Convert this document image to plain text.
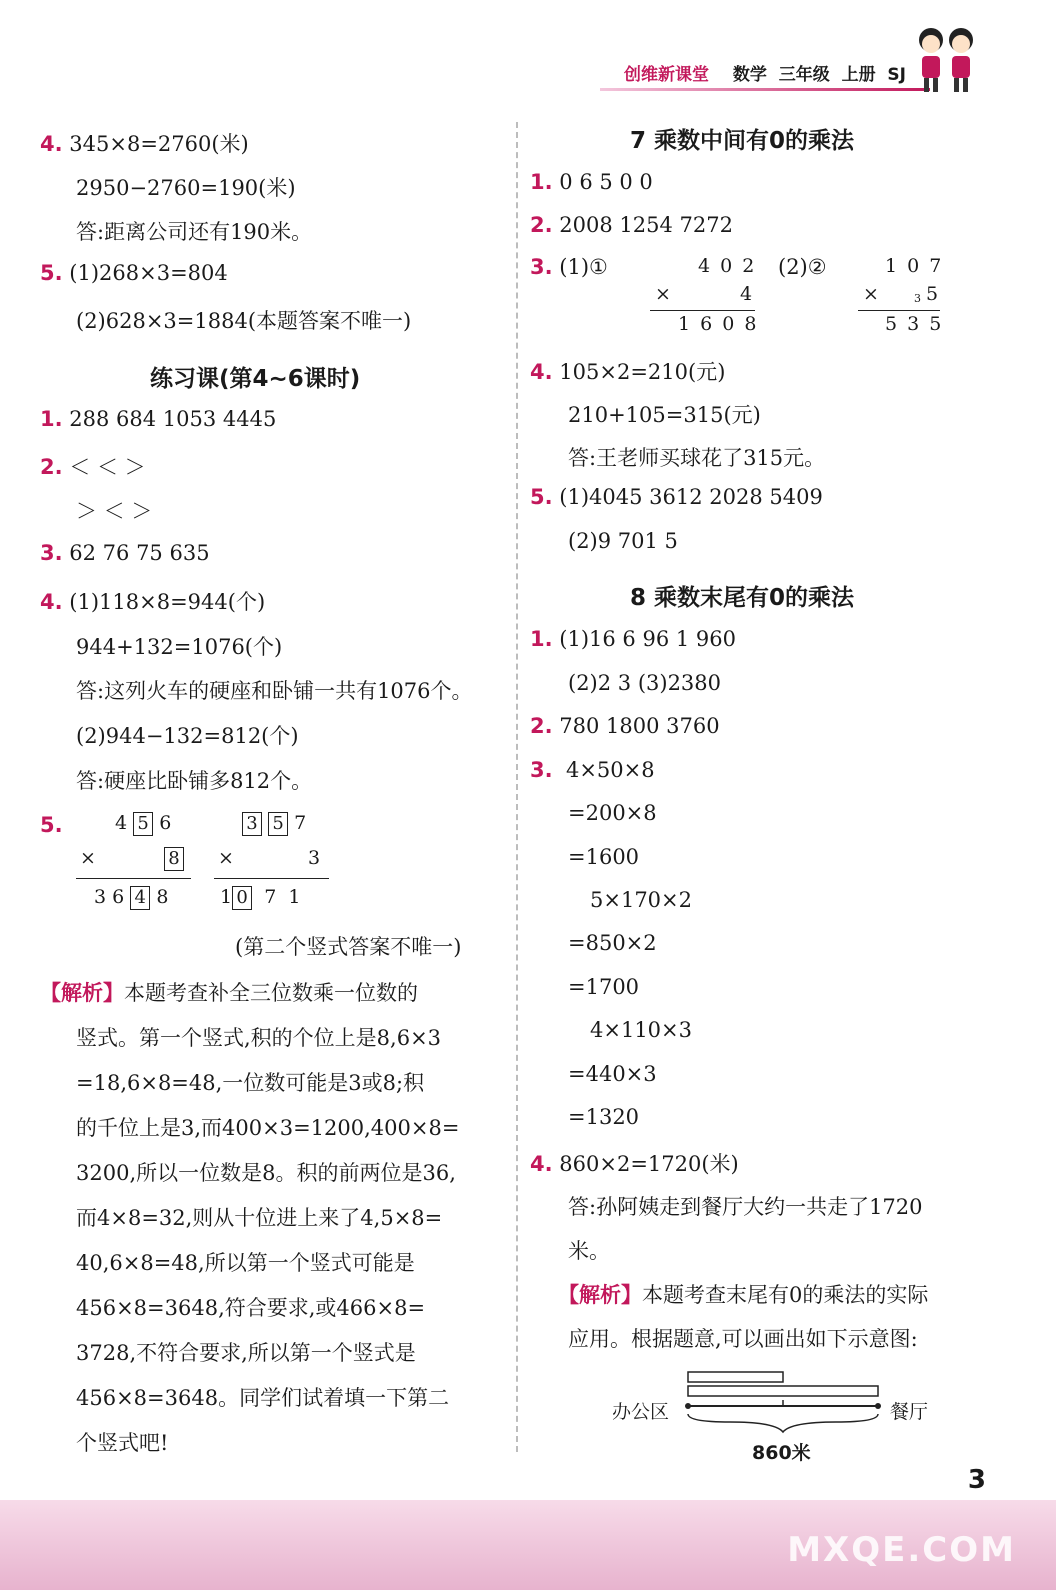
创维新课堂 数学 三年级 上册 SJ
4. 345×8=2760(米)
2950−2760=190(米)
答:距离公司还有190米。
5. (1)268×3=804
(2)628×3=1884(本题答案不唯一)
练习课(第4~6课时)
1. 288 684 1053 4445
2. ＜ ＜ ＞
＞ ＜ ＞
3. 62 76 75 635
4. (1)118×8=944(个)
944+132=1076(个)
答:这列火车的硬座和卧铺一共有1076个。
(2)944−132=812(个)
答:硬座比卧铺多812个。
5.	4 5 6
×	8
3 6 4 8
3 5 7
×	3
1 0 7 1
(第二个竖式答案不唯一)
【解析】本题考查补全三位数乘一位数的
竖式。第一个竖式,积的个位上是8,6×3
=18,6×8=48,一位数可能是3或8;积
的千位上是3,而400×3=1200,400×8=
3200,所以一位数是8。积的前两位是36,
而4×8=32,则从十位进上来了4,5×8=
40,6×8=48,所以第一个竖式可能是
456×8=3648,符合要求,或466×8=
3728,不符合要求,所以第一个竖式是
456×8=3648。同学们试着填一下第二
个竖式吧!
7 乘数中间有0的乘法
1. 0 6 5 0 0
2. 2008 1254 7272
3. (1)①	4 0 2
×	4
1 6 0 8
(2)②	1 0 7
×	3 5
5 3 5
4. 105×2=210(元)
210+105=315(元)
答:王老师买球花了315元。
5. (1)4045 3612 2028 5409
(2)9 701 5
8 乘数末尾有0的乘法
1. (1)16 6 96 1 960
(2)2 3 (3)2380
2. 780 1800 3760
3. 4×50×8
=200×8
=1600
5×170×2
=850×2
=1700
4×110×3
=440×3
=1320
4. 860×2=1720(米)
答:孙阿姨走到餐厅大约一共走了1720
米。
【解析】本题考查末尾有0的乘法的实际
应用。根据题意,可以画出如下示意图:
办公区	餐厅
860米
3
MXQE.COM
